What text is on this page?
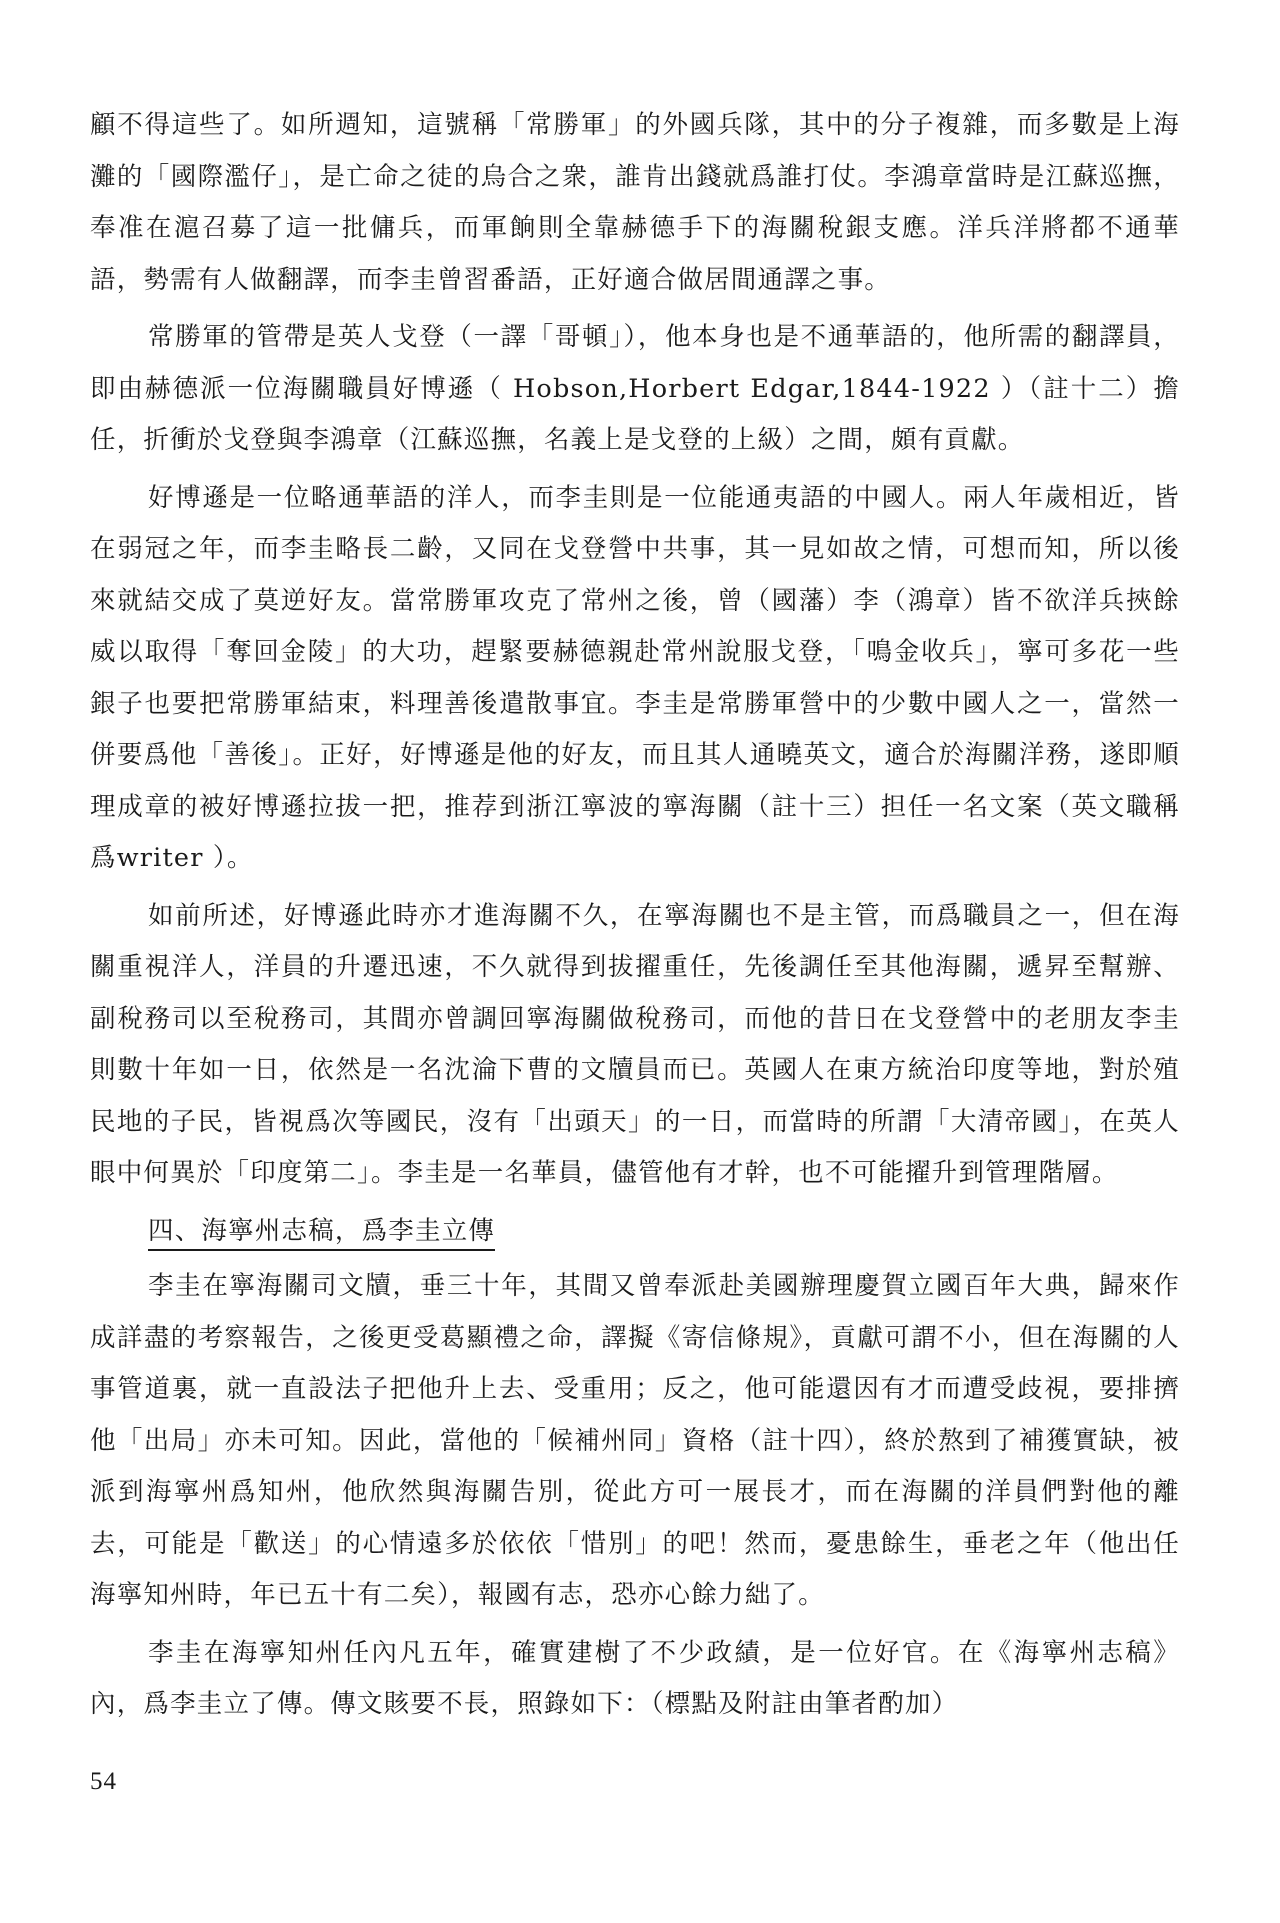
顧不得這些了。如所週知，這號稱「常勝軍」的外國兵隊，其中的分子複雜，而多數是上海灘的「國際濫仔」，是亡命之徒的烏合之衆，誰肯出錢就爲誰打仗。李鴻章當時是江蘇巡撫，奉准在滬召募了這一批傭兵，而軍餉則全靠赫德手下的海關稅銀支應。洋兵洋將都不通華語，勢需有人做翻譯，而李圭曾習番語，正好適合做居間通譯之事。

常勝軍的管帶是英人戈登（一譯「哥頓」），他本身也是不通華語的，他所需的翻譯員，即由赫德派一位海關職員好博遜（ Hobson,Horbert Edgar,1844-1922 ）（註十二）擔任，折衝於戈登與李鴻章（江蘇巡撫，名義上是戈登的上級）之間，頗有貢獻。

好博遜是一位略通華語的洋人，而李圭則是一位能通夷語的中國人。兩人年歲相近，皆在弱冠之年，而李圭略長二齡，又同在戈登營中共事，其一見如故之情，可想而知，所以後來就結交成了莫逆好友。當常勝軍攻克了常州之後，曾（國藩）李（鴻章）皆不欲洋兵挾餘威以取得「奪回金陵」的大功，趕緊要赫德親赴常州說服戈登，「鳴金收兵」，寧可多花一些銀子也要把常勝軍結束，料理善後遣散事宜。李圭是常勝軍營中的少數中國人之一，當然一併要爲他「善後」。正好，好博遜是他的好友，而且其人通曉英文，適合於海關洋務，遂即順理成章的被好博遜拉拔一把，推荐到浙江寧波的寧海關（註十三）担任一名文案（英文職稱爲writer ）。

如前所述，好博遜此時亦才進海關不久，在寧海關也不是主管，而爲職員之一，但在海關重視洋人，洋員的升遷迅速，不久就得到拔擢重任，先後調任至其他海關，遞昇至幫辦、副稅務司以至稅務司，其間亦曾調回寧海關做稅務司，而他的昔日在戈登營中的老朋友李圭則數十年如一日，依然是一名沈淪下曹的文牘員而已。英國人在東方統治印度等地，對於殖民地的子民，皆視爲次等國民，沒有「出頭天」的一日，而當時的所謂「大清帝國」，在英人眼中何異於「印度第二」。李圭是一名華員，儘管他有才幹，也不可能擢升到管理階層。

四、海寧州志稿，爲李圭立傳

李圭在寧海關司文牘，垂三十年，其間又曾奉派赴美國辦理慶賀立國百年大典，歸來作成詳盡的考察報告，之後更受葛顯禮之命，譯擬《寄信條規》，貢獻可謂不小，但在海關的人事管道裏，就一直設法子把他升上去、受重用；反之，他可能還因有才而遭受歧視，要排擠他「出局」亦未可知。因此，當他的「候補州同」資格（註十四），終於熬到了補獲實缺，被派到海寧州爲知州，他欣然與海關告別，從此方可一展長才，而在海關的洋員們對他的離去，可能是「歡送」的心情遠多於依依「惜別」的吧！然而，憂患餘生，垂老之年（他出任海寧知州時，年已五十有二矣），報國有志，恐亦心餘力絀了。

李圭在海寧知州任內凡五年，確實建樹了不少政績，是一位好官。在《海寧州志稿》內，爲李圭立了傳。傳文賅要不長，照錄如下：（標點及附註由筆者酌加）

54
